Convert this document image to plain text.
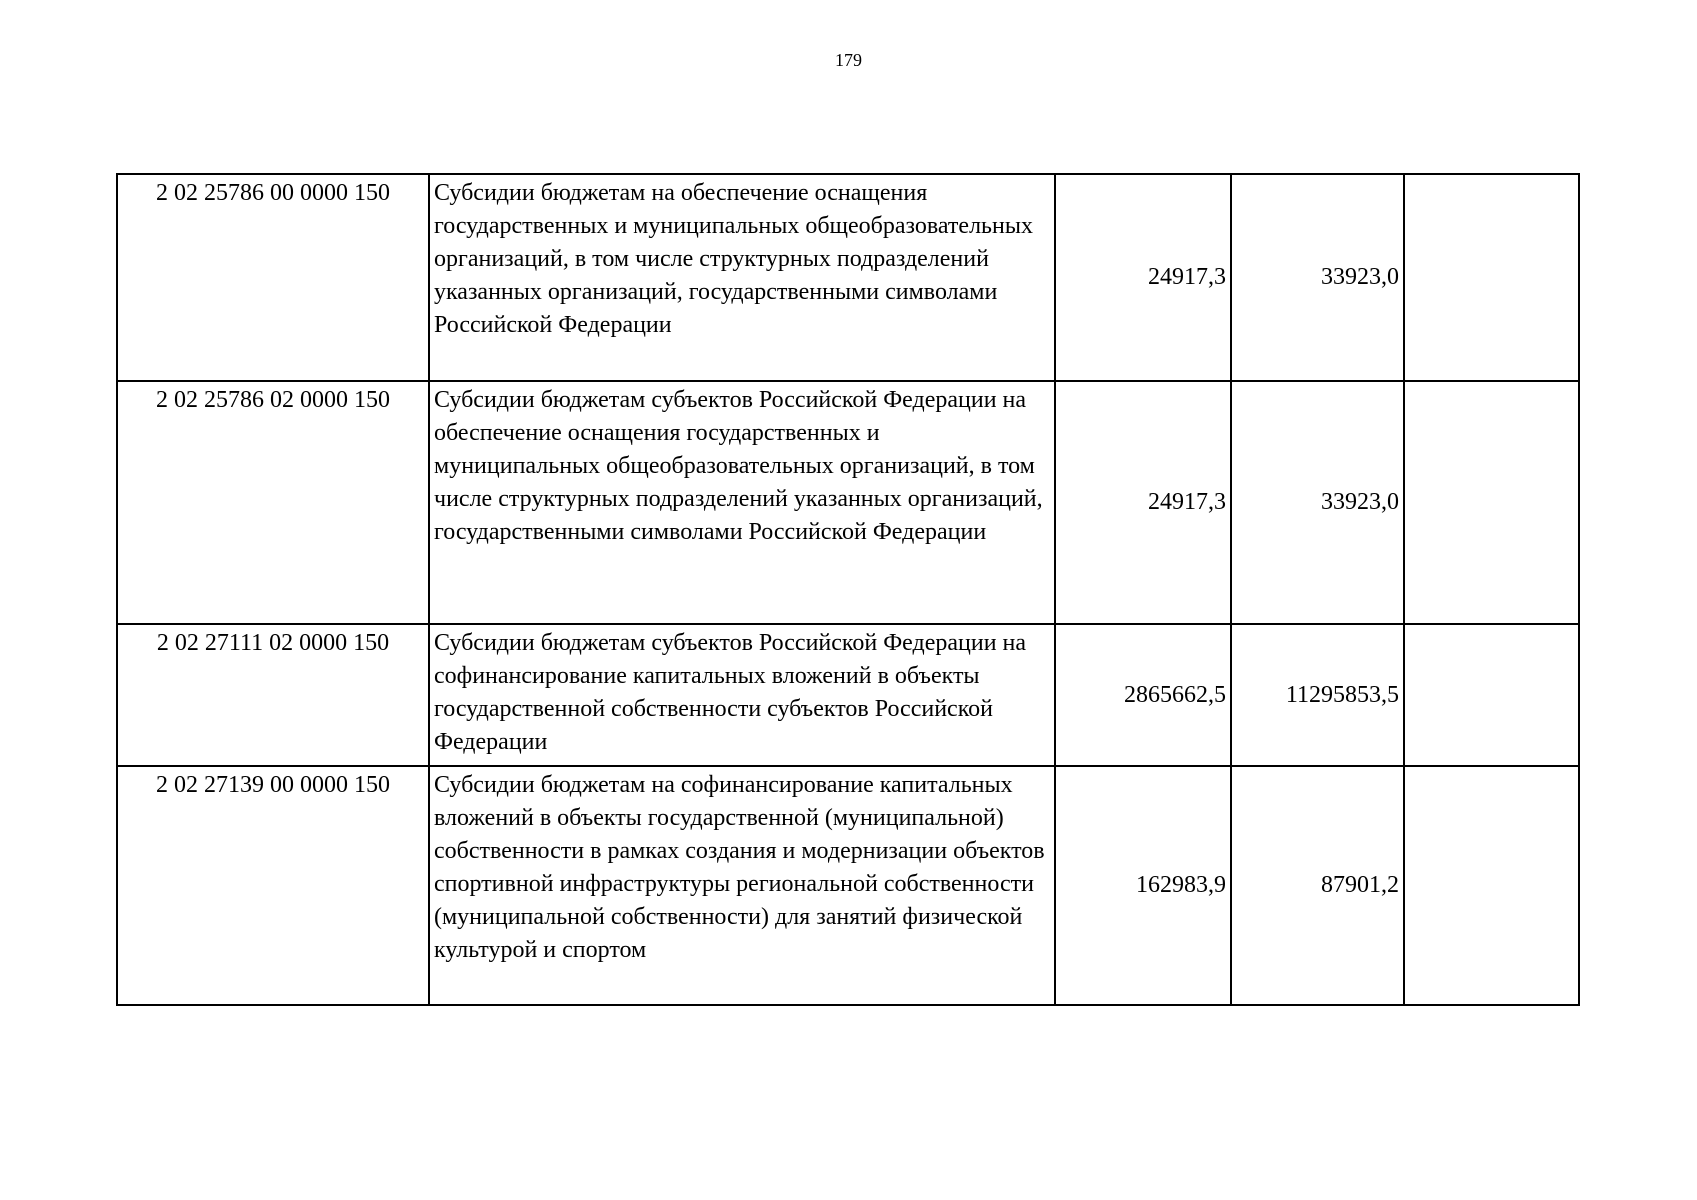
179
2 02 25786 00 0000 150	Субсидии бюджетам на обеспечение оснащения государственных и муниципальных общеобразовательных организаций, в том числе структурных подразделений указанных организаций, государственными символами Российской Федерации	24917,3	33923,0	
2 02 25786 02 0000 150	Субсидии бюджетам субъектов Российской Федерации на обеспечение оснащения государственных и муниципальных общеобразовательных организаций, в том числе структурных подразделений указанных организаций, государственными символами Российской Федерации	24917,3	33923,0	
2 02 27111 02 0000 150	Субсидии бюджетам субъектов Российской Федерации на софинансирование капитальных вложений в объекты государственной собственности субъектов Российской Федерации	2865662,5	11295853,5	
2 02 27139 00 0000 150	Субсидии бюджетам на софинансирование капитальных вложений в объекты государственной (муниципальной) собственности в рамках создания и модернизации объектов спортивной инфраструктуры региональной собственности (муниципальной собственности) для занятий физической культурой и спортом	162983,9	87901,2	
